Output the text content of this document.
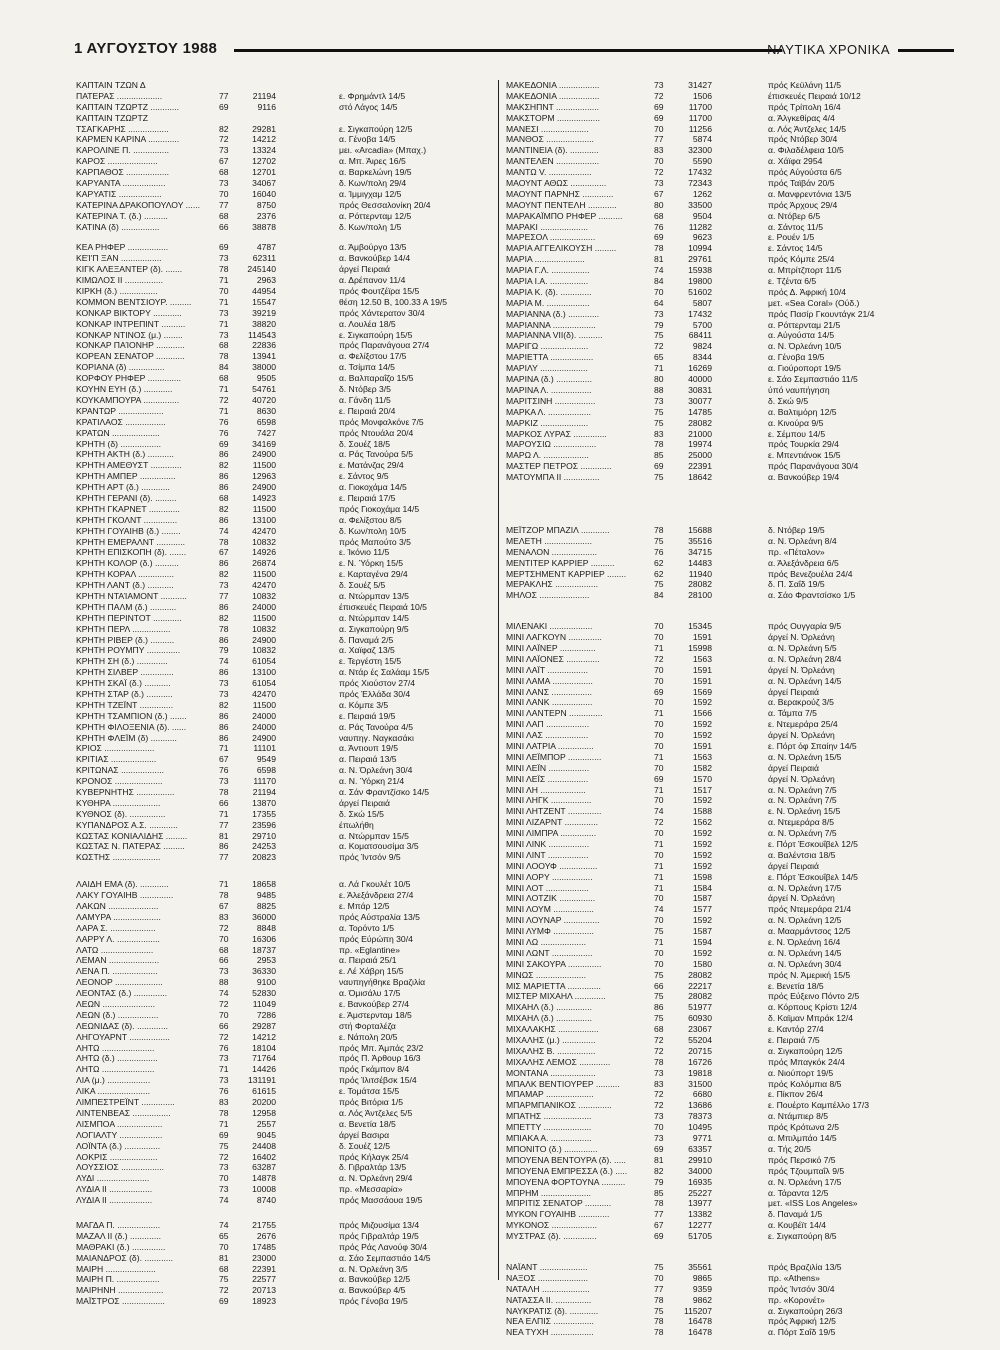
1 ΑΥΓΟΥΣΤΟΥ 1988	ΝΑΥΤΙΚΑ ΧΡΟΝΙΚΑ
ΚΑΠΤΑΙΝ ΤΖΩΝ Δ
ΠΑΤΕΡΑΣ ...................	77	21194	ε. Φρημάντλ 14/5
ΚΑΠΤΑΙΝ ΤΖΩΡΤΖ ............	69	9116	στό Λάγος 14/5
ΚΑΠΤΑΙΝ ΤΖΩΡΤΖ
ΤΣΑΓΚΑΡΗΣ .................	82	29281	ε. Σιγκαπούρη 12/5
ΚΑΡΜΕΝ ΚΑΡΙΝΑ .............	72	14212	α. Γένοβα 14/5
ΚΑΡΟΛΙΝΕ Π. ...............	73	13324	μει. «Arcadia» (Μπαχ.)
ΚΑΡΟΣ .....................	67	12702	α. Μπ. Άιρες 16/5
ΚΑΡΠΑΘΟΣ ..................	68	12701	α. Βαρκελώνη 19/5
ΚΑΡΥΑΝΤΑ ..................	73	34067	δ. Κων/πολη 29/4
ΚΑΡΥΑΤΙΣ ..................	70	16040	α. Ίμμιγχαμ 12/5
ΚΑΤΕΡΙΝΑ ΔΡΑΚΟΠΟΥΛΟΥ ...... 77	8750	πρός Θεσσαλονίκη 20/4
ΚΑΤΕΡΙΝΑ Τ. (δ.) ..........	68	2376	α. Ρόττερνταμ 12/5
ΚΑΤΙΝΑ (δ) ................	66	38878	δ. Κων/πολη 1/5
ΚΕΑ ΡΗΦΕΡ .................	69	4787	α. Άμβούργο 13/5
ΚΕΊ'Π ΞΑΝ .................	73	62311	α. Βανκούβερ 14/4
ΚΙΓΚ ΑΛΕΞΑΝΤΕΡ (δ). .......	78	245140	άργεί Πειραιά
ΚΙΜΩΛΟΣ ΙΙ ................	71	2963	α. Δρέπανον 11/4
ΚΙΡΚΗ (δ.) ................	70	44954	πρός Φουτζέϊρα 15/5
ΚΟΜΜΟΝ ΒΕΝΤΣΙΟΥΡ. .........	71	15547	θέση 12.50 Β, 100.33 Α 19/5
ΚΟΝΚΑΡ ΒΙΚΤΟΡΥ ............	73	39219	πρός Χάντερατον 30/4
ΚΟΝΚΑΡ ΙΝΤΡΕΠΙΝΤ ..........	71	38820	α. Λουλέα 18/5
ΚΟΝΚΑΡ ΝΤΙΝΟΣ (μ.) ........	73	114543	ε. Σιγκαπούρη 15/5
ΚΟΝΚΑΡ ΠΑΊΟΝΗΡ ............	68	22836	πρός Παρανάγουα 27/4
ΚΟΡΕΑΝ ΣΕΝΑΤΟΡ ............	78	13941	α. Φελίξστου 17/5
ΚΟΡΙΑΝΑ (δ) ...............	84	38000	α. Τσίμπα 14/5
ΚΟΡΦΟΥ ΡΗΦΕΡ ..............	68	9505	α. Βαλπαραΐζο 15/5
ΚΟΥΗΝ ΕΥΗ (δ.) ............	71	54761	δ. Ντόβερ 3/5
ΚΟΥΚΑΜΠΟΥΡΑ ...............	72	40720	α. Γάνδη 11/5
ΚΡΑΝΤΩΡ ...................	71	8630	ε. Πειραιά 20/4
ΚΡΑΤΙΛΑΟΣ .................	76	6598	πρός Μονφαλκόνε 7/5
ΚΡΑΤΩΝ ....................	76	7427	πρός Ντουάλα 20/4
ΚΡΗΤΗ (δ) .................	69	34169	δ. Σουέζ 18/5
ΚΡΗΤΗ ΑΚΤΗ (δ.) ...........	86	24900	α. Ράς Τανούρα 5/5
ΚΡΗΤΗ ΑΜΕΘΥΣΤ .............	82	11500	ε. Ματάνζας 29/4
ΚΡΗΤΗ ΑΜΠΕΡ ...............	86	12963	ε. Σάντος 9/5
ΚΡΗΤΗ ΑΡΤ (δ.) ............	86	24900	α. Γιοκοχάμα 14/5
ΚΡΗΤΗ ΓΕΡΑΝΙ (δ). .........	68	14923	ε. Πειραιά 17/5
ΚΡΗΤΗ ΓΚΑΡΝΕΤ .............	82	11500	πρός Γιοκοχάμα 14/5
ΚΡΗΤΗ ΓΚΟΛΝΤ ..............	86	13100	α. Φελίξστου 8/5
ΚΡΗΤΗ ΓΟΥΑΙΗΒ (δ.) ........	74	42470	δ. Κων/πολη 10/5
ΚΡΗΤΗ ΕΜΕΡΑΛΝΤ ............	78	10832	πρός Μαπούτο 3/5
ΚΡΗΤΗ ΕΠΙΣΚΟΠΗ (δ). .......	67	14926	ε. Ίκόνιο 11/5
ΚΡΗΤΗ ΚΟΛΟΡ (δ.) ..........	86	26874	ε. Ν. Ύόρκη 15/5
ΚΡΗΤΗ ΚΟΡΑΛ ...............	82	11500	ε. Καρταγένα 29/4
ΚΡΗΤΗ ΛΑΝΤ (δ.) ...........	73	42470	δ. Σουέζ 5/5
ΚΡΗΤΗ ΝΤΑΊΑΜΟΝΤ ...........	77	10832	α. Ντώρμπαν 13/5
ΚΡΗΤΗ ΠΑΛΜ (δ.) ...........	86	24000	έπισκευές Πειραιά 10/5
ΚΡΗΤΗ ΠΕΡΙΝΤΟΤ ............	82	11500	α. Ντώρμπαν 14/5
ΚΡΗΤΗ ΠΕΡΛ ................	78	10832	α. Σιγκαπούρη 9/5
ΚΡΗΤΗ ΡΙΒΕΡ (δ.) ..........	86	24900	δ. Παναμά 2/5
ΚΡΗΤΗ ΡΟΥΜΠΥ ..............	79	10832	α. Χαϊφαζ 13/5
ΚΡΗΤΗ ΣΗ (δ.) .............	74	61054	ε. Τεργέστη 15/5
ΚΡΗΤΗ ΣΙΛΒΕΡ ..............	86	13100	α. Ντάρ ές Σαλάαμ 15/5
ΚΡΗΤΗ ΣΚΑΪ (δ.) ...........	73	61054	πρός Χιούστον 27/4
ΚΡΗΤΗ ΣΤΑΡ (δ.) ...........	73	42470	πρός Έλλάδα 30/4
ΚΡΗΤΗ ΤΖΕΪΝΤ ..............	82	11500	α. Κόμπε 3/5
ΚΡΗΤΗ ΤΣΑΜΠΙΟΝ (δ.) .......	86	24000	ε. Πειραιά 19/5
ΚΡΗΤΗ ΦΙΛΟΞΕΝΙΑ (δ). ......	86	24000	α. Ράς Τανούρα 4/5
ΚΡΗΤΗ ΦΛΕΪΜ (δ) ...........	86	24900	ναυπηγ. Ναγκασάκι
ΚΡΙΟΣ .....................	71	11101	α. Άντιουπ 19/5
ΚΡΙΤΙΑΣ ...................	67	9549	α. Πειραιά 13/5
ΚΡΙΤΩΝΑΣ ..................	76	6598	α. Ν. Όρλεάνη 30/4
ΚΡΟΝΟΣ ....................	73	11170	α. Ν. Ύόρκη 21/4
ΚΥΒΕΡΝΗΤΗΣ ................	78	21194	α. Σάν Φραντζίσκο 14/5
ΚΥΘΗΡΑ ....................	66	13870	άργεί Πειραιά
ΚΥΘΝΟΣ (δ). ...............	71	17355	δ. Σκώ 15/5
ΚΥΠΑΝΔΡΟΣ Α.Σ. ............	77	23596	έπωλήθη
ΚΩΣΤΑΣ ΚΟΝΙΑΛΙΔΗΣ .........	81	29710	α. Ντώρμπαν 15/5
ΚΩΣΤΑΣ Ν. ΠΑΤΕΡΑΣ .........	86	24253	α. Κοματσουσίμα 3/5
ΚΩΣΤΗΣ ....................	77	20823	πρός Ίντσόν 9/5
ΛΑΙΔΗ ΕΜΑ (δ). ............	71	18658	α. Λά Γκουλέτ 10/5
ΛΑΚΥ ΓΟΥΑΙΗΒ ..............	78	9485	ε. Άλεξάνδρεια 27/4
ΛΑΚΩΝ .....................	67	8825	ε. Μπάρ 12/5
ΛΑΜΥΡΑ ....................	83	36000	πρός Αύστραλία 13/5
ΛΑΡΑ Σ. ...................	72	8848	α. Τορόντο 1/5
ΛΑΡΡΥ Λ. ..................	70	16306	πρός Εύρώπη 30/4
ΛΑΤΩ ......................	68	18737	πρ. «Eglantine»
ΛΕΜΑΝ .....................	66	2953	α. Πειραιά 25/1
ΛΕΝΑ Π. ...................	73	36330	ε. Λέ Χάβρη 15/5
ΛΕΟΝΟΡ ....................	88	9100	ναυπηγήθηκε Βραζιλία
ΛΕΟΝΤΑΣ (δ.) ..............	74	52830	α. Όμισάλυ 17/5
ΛΕΩΝ ......................	72	11049	ε. Βανκούβερ 27/4
ΛΕΩΝ (δ.) .................	70	7286	ε. Άμστερνταμ 18/5
ΛΕΩΝΙΔΑΣ (δ). .............	66	29287	στή Φορταλέζα
ΛΗΓΟΥΑΡΝΤ .................	72	14212	ε. Νάπολη 20/5
ΛΗΤΩ ......................	76	18104	πρός Μπ. Άμπάς 23/2
ΛΗΤΩ (δ.) .................	73	71764	πρός Π. Άρθουρ 16/3
ΛΗΤΩ ......................	71	14426	πρός Γκάμπον 8/4
ΛΙΑ (μ.) ..................	73	131191	πρός Ίλιτσέβσκ 15/4
ΛΙΚΑ ......................	76	61615	ε. Τομάτσα 15/5
ΛΙΜΠΕΣΤΡΕΪΝΤ ..............	83	20200	πρός Βιτόρια 1/5
ΛΙΝΤΕΝΒΕΑΣ ................	78	12958	α. Λός Άντζελες 5/5
ΛΙΣΜΠΟΑ ...................	71	2557	α. Βενετία 18/5
ΛΟΓΙΑΛΤΥ ..................	69	9045	άργεί Βασιρα
ΛΟΪΝΤΑ (δ.) ...............	75	24408	δ. Σουέζ 12/5
ΛΟΚΡΙΣ ....................	72	16402	πρός Κήλαγκ 25/4
ΛΟΥΣΣΙΟΣ ..................	73	63287	δ. Γιβραλτάρ 13/5
ΛΥΔΙ ......................	70	14878	α. Ν. Όρλεάνη 29/4
ΛΥΔΙΑ ΙΙ ..................	73	10008	πρ. «Μεσσαρία»
ΛΥΔΙΑ ΙΙ ..................	74	8740	πρός Μασσάουα 19/5
ΜΑΓΔΑ Π. ..................	74	21755	πρός Μιζουσίμα 13/4
ΜΑΖΑΛ ΙΙ (δ.) .............	65	2676	πρός Γιβραλτάρ 19/5
ΜΑΘΡΑΚΙ (δ.) ..............	70	17485	πρός Ράς Λανούφ 30/4
ΜΑΙΑΝΔΡΟΣ (δ). ............	81	23000	α. Σάο Σεμπαστιάο 14/5
ΜΑΙΡΗ .....................	68	22391	α. Ν. Όρλεάνη 3/5
ΜΑΙΡΗ Π. ..................	75	22577	α. Βανκούβερ 12/5
ΜΑΙΡΗΝΗ ...................	72	20713	α. Βανκούβερ 4/5
ΜΑΪΣΤΡΟΣ ..................	69	18923	πρός Γένοβα 19/5
ΜΑΚΕΔΟΝΙΑ .................	73	31427	πρός Κεϋλάνη 11/5
ΜΑΚΕΔΟΝΙΑ .................	72	1506	έπισκευές Πειραιά 10/12
ΜΑΚΣΗΠΝΤ ..................	69	11700	πρός Τρίπολη 16/4
ΜΑΚΣΤΟΡΜ ..................	69	11700	α. Άλγκεθίρας 4/4
ΜΑΝΕΣΙ ....................	70	11256	α. Λός Άντζελες 14/5
ΜΑΝΘΟΣ ....................	77	5874	πρός Ντόβερ 30/4
ΜΑΝΤΙΝΕΙΑ (δ). ............	83	32300	α. Φιλαδέλφεια 10/5
ΜΑΝΤΕΛΕΝ ..................	70	5590	α. Χάϊφα 2954
ΜΑΝΤΩ V. ..................	72	17432	πρός Αύγούστα 6/5
ΜΑΟΥΝΤ ΑΘΩΣ ...............	73	72343	πρός Ταϊβάν 20/5
ΜΑΟΥΝΤ ΠΑΡΝΗΣ .............	67	1262	α. Μανφρεντόνια 13/5
ΜΑΟΥΝΤ ΠΕΝΤΕΛΗ ............	80	33500	πρός Άρχους 29/4
ΜΑΡΑΚΑΪΜΠΟ ΡΗΦΕΡ ..........	68	9504	α. Ντόβερ 6/5
ΜΑΡΑΚΙ ....................	76	11282	α. Σάντος 11/5
ΜΑΡΕΣΟΛ ...................	69	9623	ε. Ρουέν 1/5
ΜΑΡΙΑ ΑΓΓΕΛΙΚΟΥΣΗ .........	78	10994	ε. Σάντος 14/5
ΜΑΡΙΑ .....................	81	29761	πρός Κόμπε 25/4
ΜΑΡΙΑ Γ.Λ. ................	74	15938	α. Μπρίτζπορτ 11/5
ΜΑΡΙΑ Ι.Α. ................	84	19800	ε. Τζέντα 6/5
ΜΑΡΙΑ Κ. (δ). .............	70	51602	πρός Δ. Άφρική 10/4
ΜΑΡΙΑ Μ. ..................	64	5807	μετ. «Sea Coral» (Ούδ.)
ΜΑΡΙΑΝΝΑ (δ.) .............	73	17432	πρός Πασίρ Γκουντάγκ 21/4
ΜΑΡΙΑΝΝΑ ..................	79	5700	α. Ρόττερνταμ 21/5
ΜΑΡΙΑΝΝΑ VII(δ). ..........	75	68411	α. Αύγούστα 14/5
ΜΑΡΙΓΩ ....................	72	9824	α. Ν. Όρλεάνη 10/5
ΜΑΡΙΕΤΤΑ ..................	65	8344	α. Γένοβα 19/5
ΜΑΡΙΛΥ ....................	71	16269	α. Γιούροπορτ 19/5
ΜΑΡΙΝΑ (δ.) ...............	80	40000	ε. Σάο Σεμπαστιάο 11/5
ΜΑΡΙΝΑ Λ. .................	88	30831	ύπό ναυπήγηση
ΜΑΡΙΤΣΙΝΗ .................	73	30077	δ. Σκώ 9/5
ΜΑΡΚΑ Λ. ..................	75	14785	α. Βαλτιμόρη 12/5
ΜΑΡΚΙΖ ....................	75	28082	α. Κινούρα 9/5
ΜΑΡΚΟΣ ΛΥΡΑΣ ..............	83	21000	ε. Σέμπου 14/5
ΜΑΡΟΥΣΙΩ ..................	78	19974	πρός Τουρκία 29/4
ΜΑΡΩ Λ. ...................	85	25000	ε. Μπεντιάνοκ 15/5
ΜΑΣΤΕΡ ΠΕΤΡΟΣ .............	69	22391	πρός Παρανάγουα 30/4
ΜΑΤΟΥΜΠΑ ΙΙ ...............	75	18642	α. Βανκούβερ 19/4
ΜΕΪΤΖΟΡ ΜΠΑΖΙΛ ............	78	15688	δ. Ντόβερ 19/5
ΜΕΛΕΤΗ ....................	75	35516	α. Ν. Όρλεάνη 8/4
ΜΕΝΑΛΟΝ ...................	76	34715	πρ. «Πέταλον»
ΜΕΝΤΙΤΕΡ ΚΑΡΡΙΕΡ ..........	62	14483	α. Άλεξάνδρεια 6/5
ΜΕΡΤΣΗΜΕΝΤ ΚΑΡΡΙΕΡ ........	62	11940	πρός Βενεζουέλα 24/4
ΜΕΡΑΚΛΗΣ ..................	75	28082	δ. Π. Σαΐδ 19/5
ΜΗΛΟΣ .....................	84	28100	α. Σάο Φραντσίσκο 1/5
ΜΙΛΕΝΑΚΙ ..................	70	15345	πρός Ουγγαρία 9/5
ΜΙΝΙ ΛΑΓΚΟΥΝ ..............	70	1591	άργεί Ν. Όρλεάνη
ΜΙΝΙ ΛΑΪΝΕΡ ...............	71	15998	α. Ν. Όρλεάνη 5/5
ΜΙΝΙ ΛΑΪΟΝΕΣ ..............	72	1563	α. Ν. Όρλεάνη 28/4
ΜΙΝΙ ΛΑΪΤ .................	70	1591	άργεί Ν. Όρλεάνη
ΜΙΝΙ ΛΑΜΑ .................	70	1591	α. Ν. Όρλεάνη 14/5
ΜΙΝΙ ΛΑΝΣ .................	69	1569	άργεί Πειραιά
ΜΙΝΙ ΛΑΝΚ .................	70	1592	α. Βερακρούζ 3/5
ΜΙΝΙ ΛΑΝΤΕΡΝ ..............	71	1566	α. Τάμπα 7/5
ΜΙΝΙ ΛΑΠ ..................	70	1592	ε. Ντεμεράρα 25/4
ΜΙΝΙ ΛΑΣ ..................	70	1592	άργεί Ν. Όρλεάνη
ΜΙΝΙ ΛΑΤΡΙΑ ...............	70	1591	ε. Πόρτ όφ Σπαίην 14/5
ΜΙΝΙ ΛΕΪΜΠΟΡ ..............	71	1563	α. Ν. Όρλεάνη 15/5
ΜΙΝΙ ΛΕΪΝ .................	70	1582	άργεί Πειραιά
ΜΙΝΙ ΛΕΪΣ .................	69	1570	άργεί Ν. Όρλεάνη
ΜΙΝΙ ΛΗ ...................	71	1517	α. Ν. Όρλεάνη 7/5
ΜΙΝΙ ΛΗΓΚ .................	70	1592	α. Ν. Όρλεάνη 7/5
ΜΙΝΙ ΛΗΤΖΕΝΤ ..............	74	1588	ε. Ν. Όρλεάνη 15/5
ΜΙΝΙ ΛΙΖΑΡΝΤ ..............	72	1562	α. Ντεμεράρα 8/5
ΜΙΝΙ ΛΙΜΠΡΑ ...............	70	1592	α. Ν. Όρλεάνη 7/5
ΜΙΝΙ ΛΙΝΚ .................	71	1592	ε. Πόρτ Έσκουΐβελ 12/5
ΜΙΝΙ ΛΙΝΤ .................	70	1592	α. Βαλέντσια 18/5
ΜΙΝΙ ΛΟΟΥΦ ................	71	1592	άργεί Πειραιά
ΜΙΝΙ ΛΟΡΥ .................	71	1598	ε. Πόρτ Έσκουΐβελ 14/5
ΜΙΝΙ ΛΟΤ ..................	71	1584	α. Ν. Όρλεάνη 17/5
ΜΙΝΙ ΛΟΤΖΙΚ ...............	70	1587	άργεί Ν. Όρλεάνη
ΜΙΝΙ ΛΟΥΜ .................	74	1577	πρός Ντεμεράρα 21/4
ΜΙΝΙ ΛΟΥΝΑΡ ...............	70	1592	α. Ν. Όρλεάνη 12/5
ΜΙΝΙ ΛΥΜΦ .................	75	1587	α. Μααρμάντσος 12/5
ΜΙΝΙ ΛΩ ...................	71	1594	ε. Ν. Όρλεάνη 16/4
ΜΙΝΙ ΛΩΝΤ .................	70	1592	α. Ν. Όρλεάνη 14/5
ΜΙΝΙ ΣΑΚΟΥΡΑ ..............	70	1580	α. Ν. Όρλεάνη 30/4
ΜΙΝΩΣ .....................	75	28082	πρός Ν. Άμερική 15/5
ΜΙΣ ΜΑΡΙΕΤΤΑ ..............	66	22217	ε. Βενετία 18/5
ΜΙΣΤΕΡ ΜΙΧΑΗΛ .............	75	28082	πρός Εύξεινο Πόντο 2/5
ΜΙΧΑΗΛ (δ.) ...............	86	51977	α. Κόρπους Κρίστι 12/4
ΜΙΧΑΗΛ (δ.) ...............	75	60930	δ. Καϊμαν Μπράκ 12/4
ΜΙΧΑΛΑΚΗΣ .................	68	23067	ε. Καντόρ 27/4
ΜΙΧΑΛΗΣ (μ.) ..............	72	55204	ε. Πειραιά 7/5
ΜΙΧΑΛΗΣ Β. ................	72	20715	α. Σιγκαπούρη 12/5
ΜΙΧΑΛΗΣ ΛΕΜΟΣ .............	78	16726	πρός Μπαγκόκ 24/4
ΜΟΝΤΑΝΑ ...................	73	19818	α. Νιούπορτ 19/5
ΜΠΑΛΚ ΒΕΝΤΙΟΥΡΕΡ ..........	83	31500	πρός Κολόμπια 8/5
ΜΠΑΜΑΡ ....................	72	6680	ε. Πίκπον 26/4
ΜΠΑΡΜΠΑΝΙΚΟΣ ..............	72	13686	ε. Πουέρτο Καμπέλλο 17/3
ΜΠΑΤΗΣ ....................	73	78373	α. Ντάμπιερ 8/5
ΜΠΕΤΤΥ ....................	70	10495	πρός Κρότωνα 2/5
ΜΠΙΑΚΑ Α. .................	73	9771	α. Μπιλμπάο 14/5
ΜΠΟΝΙΤΟ (δ.) ..............	69	63357	α. Τής 20/5
ΜΠΟΥΕΝΑ ΒΕΝΤΟΥΡΑ (δ). .....	81	29910	πρός Περσικό 7/5
ΜΠΟΥΕΝΑ ΕΜΠΡΕΣΣΑ (δ.) .....	82	34000	πρός Τζουμπαΐλ 9/5
ΜΠΟΥΕΝΑ ΦΟΡΤΟΥΝΑ ..........	79	16935	α. Ν. Όρλεάνη 17/5
ΜΠΡΗΜ .....................	85	25227	α. Τάραντα 12/5
ΜΠΡΙΤΙΣ ΣΕΝΑΤΟΡ ...........	78	13977	μετ. «ISS Los Angeles»
ΜΥΚΟΝ ΓΟΥΑΙΗΒ .............	77	13382	δ. Παναμά 1/5
ΜΥΚΟΝΟΣ ...................	67	12277	α. Κουβέϊτ 14/4
ΜΥΣΤΡΑΣ (δ). ..............	69	51705	ε. Σιγκαπούρη 8/5
ΝΑΪΑΝΤ ....................	75	35561	πρός Βραζιλία 13/5
ΝΑΞΟΣ .....................	70	9865	πρ. «Athens»
ΝΑΤΑΛΗ ....................	77	9359	πρός Ίντσόν 30/4
ΝΑΤΑΣΣΑ ΙΙ. ...............	78	9862	πρ. «Κορονέτ»
ΝΑΥΚΡΑΤΙΣ (δ). ............	75	115207	α. Σιγκαπούρη 26/3
ΝΕΑ ΕΛΠΙΣ .................	78	16478	πρός Άφρική 12/5
ΝΕΑ ΤΥΧΗ ..................	78	16478	α. Πόρτ Σαΐδ 19/5
